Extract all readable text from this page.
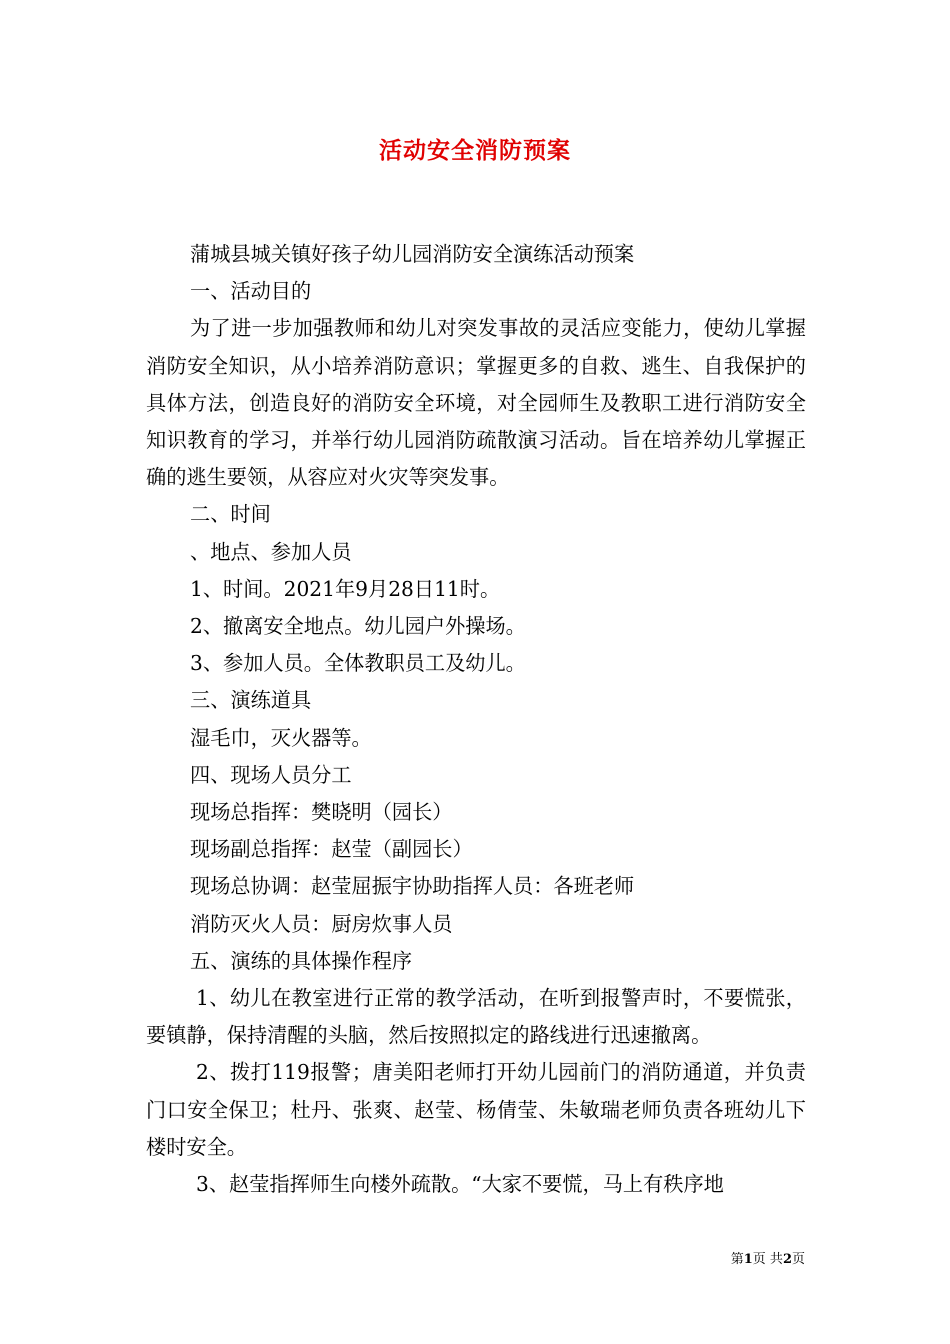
活动安全消防预案

蒲城县城关镇好孩子幼儿园消防安全演练活动预案

一、活动目的

为了进一步加强教师和幼儿对突发事故的灵活应变能力，使幼儿掌握消防安全知识，从小培养消防意识；掌握更多的自救、逃生、自我保护的具体方法，创造良好的消防安全环境，对全园师生及教职工进行消防安全知识教育的学习，并举行幼儿园消防疏散演习活动。旨在培养幼儿掌握正确的逃生要领，从容应对火灾等突发事。

二、时间

、地点、参加人员

1、时间。2021年9月28日11时。

2、撤离安全地点。幼儿园户外操场。

3、参加人员。全体教职员工及幼儿。

三、演练道具

湿毛巾，灭火器等。

四、现场人员分工

现场总指挥：樊晓明（园长）

现场副总指挥：赵莹（副园长）

现场总协调：赵莹屈振宇协助指挥人员：各班老师

消防灭火人员：厨房炊事人员

五、演练的具体操作程序

1、幼儿在教室进行正常的教学活动，在听到报警声时，不要慌张，要镇静，保持清醒的头脑，然后按照拟定的路线进行迅速撤离。

2、拨打119报警；唐美阳老师打开幼儿园前门的消防通道，并负责门口安全保卫；杜丹、张爽、赵莹、杨倩莹、朱敏瑞老师负责各班幼儿下楼时安全。

3、赵莹指挥师生向楼外疏散。“大家不要慌，马上有秩序地

第1页 共2页
